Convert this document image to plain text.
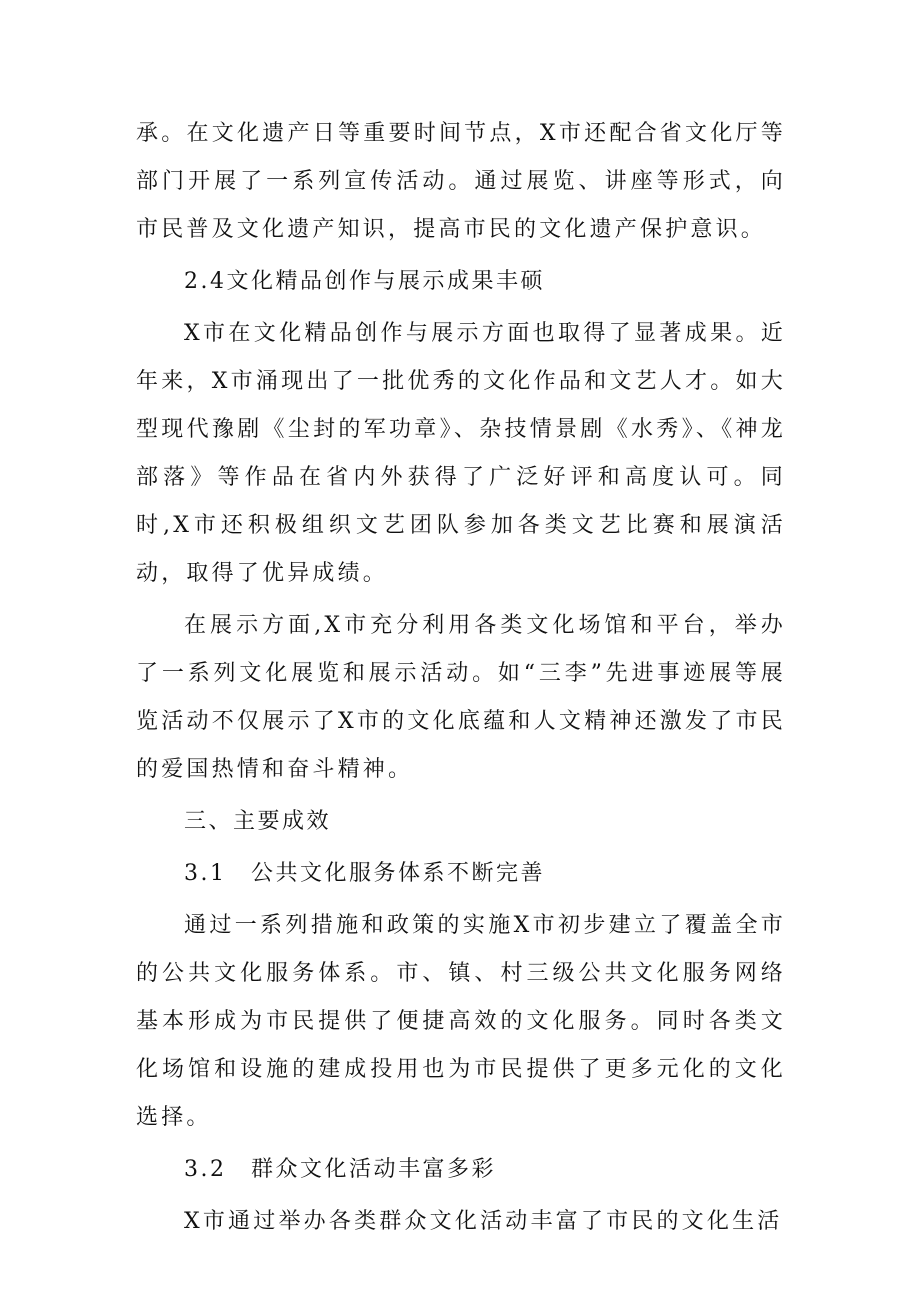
承。在文化遗产日等重要时间节点，X市还配合省文化厅等部门开展了一系列宣传活动。通过展览、讲座等形式，向市民普及文化遗产知识，提高市民的文化遗产保护意识。

2.4文化精品创作与展示成果丰硕

X市在文化精品创作与展示方面也取得了显著成果。近年来，X市涌现出了一批优秀的文化作品和文艺人才。如大型现代豫剧《尘封的军功章》、杂技情景剧《水秀》、《神龙部落》等作品在省内外获得了广泛好评和高度认可。同时,X市还积极组织文艺团队参加各类文艺比赛和展演活动，取得了优异成绩。

在展示方面,X市充分利用各类文化场馆和平台，举办了一系列文化展览和展示活动。如“三李”先进事迹展等展览活动不仅展示了X市的文化底蕴和人文精神还激发了市民的爱国热情和奋斗精神。

三、主要成效

3.1　公共文化服务体系不断完善

通过一系列措施和政策的实施X市初步建立了覆盖全市的公共文化服务体系。市、镇、村三级公共文化服务网络基本形成为市民提供了便捷高效的文化服务。同时各类文化场馆和设施的建成投用也为市民提供了更多元化的文化选择。

3.2　群众文化活动丰富多彩

X市通过举办各类群众文化活动丰富了市民的文化生活
